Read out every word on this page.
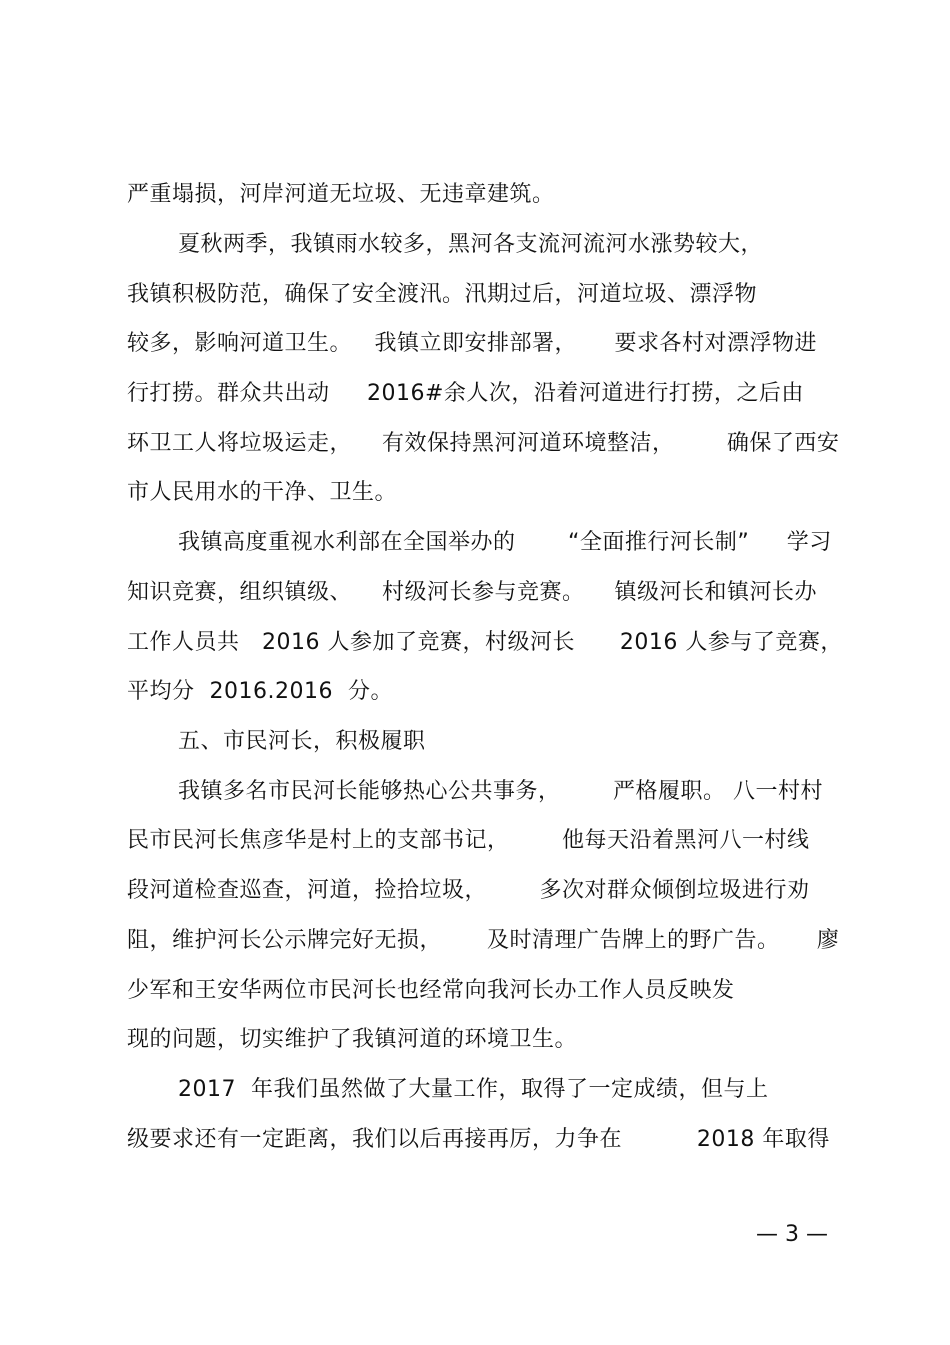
严重塌损，河岸河道无垃圾、无违章建筑。
夏秋两季，我镇雨水较多，黑河各支流河流河水涨势较大，
我镇积极防范，确保了安全渡汛。汛期过后，河道垃圾、漂浮物
较多，影响河道卫生。   我镇立即安排部署，     要求各村对漂浮物进
行打捞。群众共出动     2016#余人次，沿着河道进行打捞，之后由
环卫工人将垃圾运走，    有效保持黑河河道环境整洁，       确保了西安
市人民用水的干净、卫生。
我镇高度重视水利部在全国举办的       “全面推行河长制”     学习
知识竞赛，组织镇级、    村级河长参与竞赛。    镇级河长和镇河长办
工作人员共   2016 人参加了竞赛，村级河长      2016 人参与了竞赛，
平均分  2016.2016  分。
五、市民河长，积极履职
我镇多名市民河长能够热心公共事务，       严格履职。 八一村村
民市民河长焦彦华是村上的支部书记，       他每天沿着黑河八一村线
段河道检查巡查，河道，捡拾垃圾，       多次对群众倾倒垃圾进行劝
阻，维护河长公示牌完好无损，      及时清理广告牌上的野广告。     廖
少军和王安华两位市民河长也经常向我河长办工作人员反映发
现的问题，切实维护了我镇河道的环境卫生。
2017  年我们虽然做了大量工作，取得了一定成绩，但与上
级要求还有一定距离，我们以后再接再厉，力争在          2018 年取得
— 3 —
